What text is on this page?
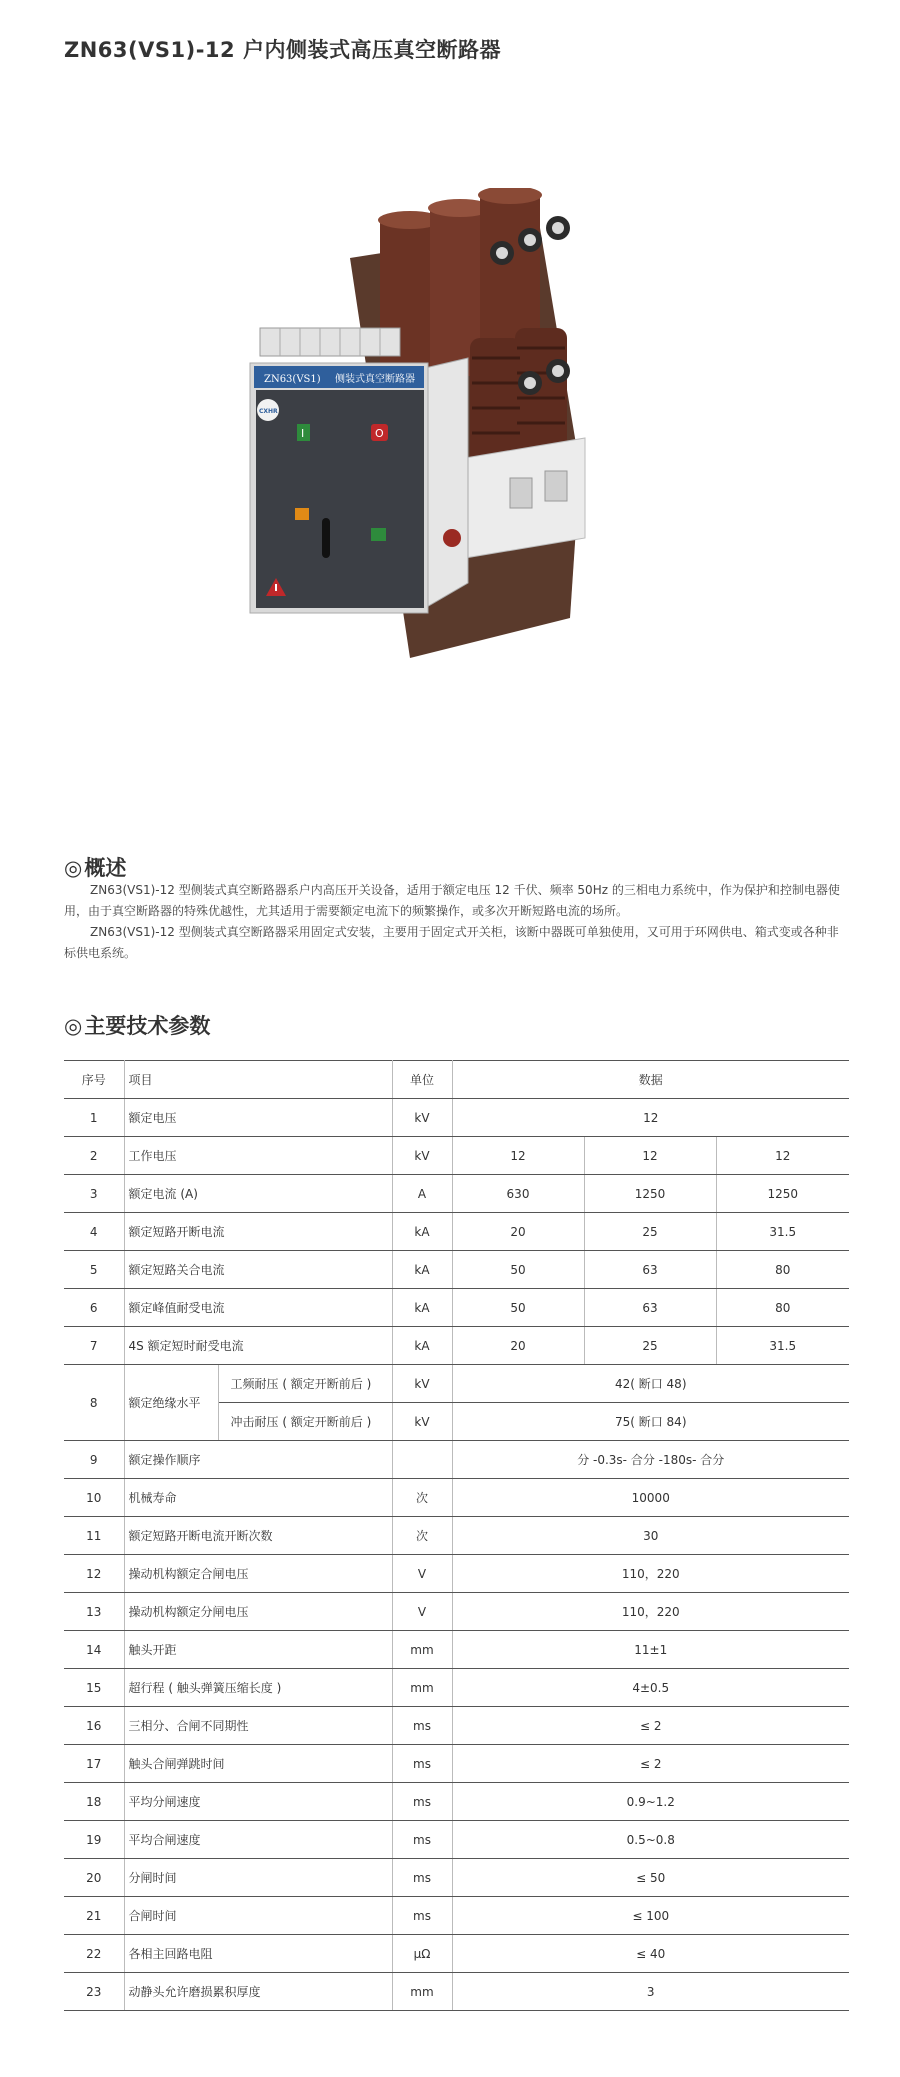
ZN63(VS1)-12 户内侧装式高压真空断路器
ZN63(VS1) 侧装式真空断路器
CXHR
I	O
◎概述

ZN63(VS1)-12 型侧装式真空断路器系户内高压开关设备，适用于额定电压 12 千伏、频率 50Hz 的三相电力系统中，作为保护和控制电器使用，由于真空断路器的特殊优越性，尤其适用于需要额定电流下的频繁操作，或多次开断短路电流的场所。

ZN63(VS1)-12 型侧装式真空断路器采用固定式安装，主要用于固定式开关柜，该断中器既可单独使用，又可用于环网供电、箱式变或各种非标供电系统。

◎主要技术参数
序号	项目		单位	数据		
1	额定电压		kV	12		
2	工作电压		kV	12	12	12
3	额定电流 (A)		A	630	1250	1250
4	额定短路开断电流		kA	20	25	31.5
5	额定短路关合电流		kA	50	63	80
6	额定峰值耐受电流		kA	50	63	80
7	4S 额定短时耐受电流		kA	20	25	31.5
8	额定绝缘水平	工频耐压 ( 额定开断前后 )	kV	42( 断口 48)		
		冲击耐压 ( 额定开断前后 )	kV	75( 断口 84)		
9	额定操作顺序			分 -0.3s- 合分 -180s- 合分		
10	机械寿命		次	10000		
11	额定短路开断电流开断次数		次	30		
12	操动机构额定合闸电压		V	110，220		
13	操动机构额定分闸电压		V	110，220		
14	触头开距		mm	11±1		
15	超行程 ( 触头弹簧压缩长度 )		mm	4±0.5		
16	三相分、合闸不同期性		ms	≤ 2		
17	触头合闸弹跳时间		ms	≤ 2		
18	平均分闸速度		ms	0.9~1.2		
19	平均合闸速度		ms	0.5~0.8		
20	分闸时间		ms	≤ 50		
21	合闸时间		ms	≤ 100		
22	各相主回路电阻		μΩ	≤ 40		
23	动静头允许磨损累积厚度		mm	3		
